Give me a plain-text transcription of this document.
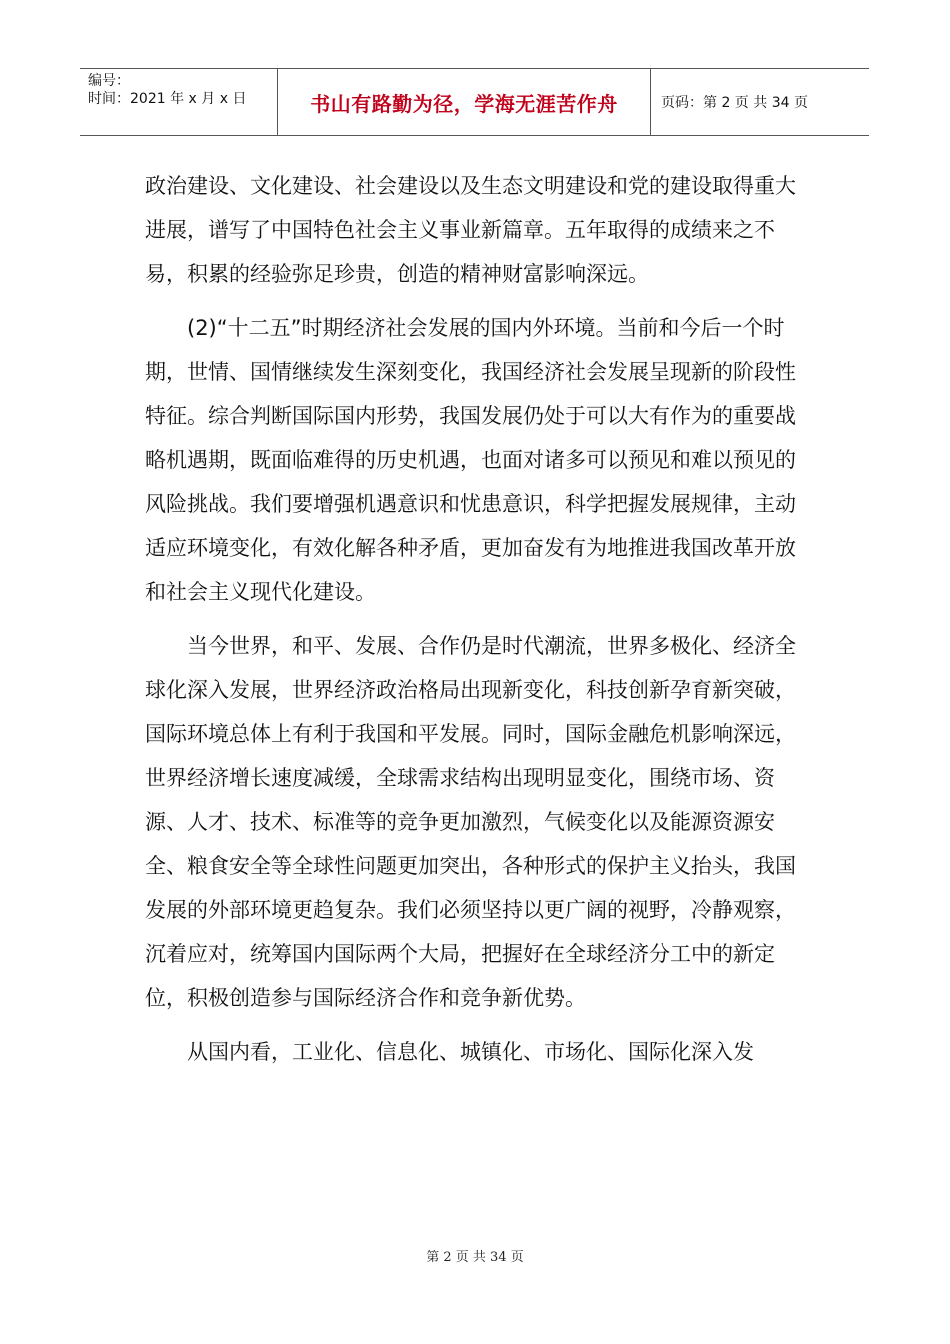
编号：
时间：2021 年 x 月 x 日	书山有路勤为径，学海无涯苦作舟	页码：第 2 页 共 34 页

政治建设、文化建设、社会建设以及生态文明建设和党的建设取得重大进展，谱写了中国特色社会主义事业新篇章。五年取得的成绩来之不易，积累的经验弥足珍贵，创造的精神财富影响深远。

(2)“十二五”时期经济社会发展的国内外环境。当前和今后一个时期，世情、国情继续发生深刻变化，我国经济社会发展呈现新的阶段性特征。综合判断国际国内形势，我国发展仍处于可以大有作为的重要战略机遇期，既面临难得的历史机遇，也面对诸多可以预见和难以预见的风险挑战。我们要增强机遇意识和忧患意识，科学把握发展规律，主动适应环境变化，有效化解各种矛盾，更加奋发有为地推进我国改革开放和社会主义现代化建设。

当今世界，和平、发展、合作仍是时代潮流，世界多极化、经济全球化深入发展，世界经济政治格局出现新变化，科技创新孕育新突破，国际环境总体上有利于我国和平发展。同时，国际金融危机影响深远，世界经济增长速度减缓，全球需求结构出现明显变化，围绕市场、资源、人才、技术、标准等的竞争更加激烈，气候变化以及能源资源安全、粮食安全等全球性问题更加突出，各种形式的保护主义抬头，我国发展的外部环境更趋复杂。我们必须坚持以更广阔的视野，冷静观察，沉着应对，统筹国内国际两个大局，把握好在全球经济分工中的新定位，积极创造参与国际经济合作和竞争新优势。

从国内看，工业化、信息化、城镇化、市场化、国际化深入发

第 2 页 共 34 页
